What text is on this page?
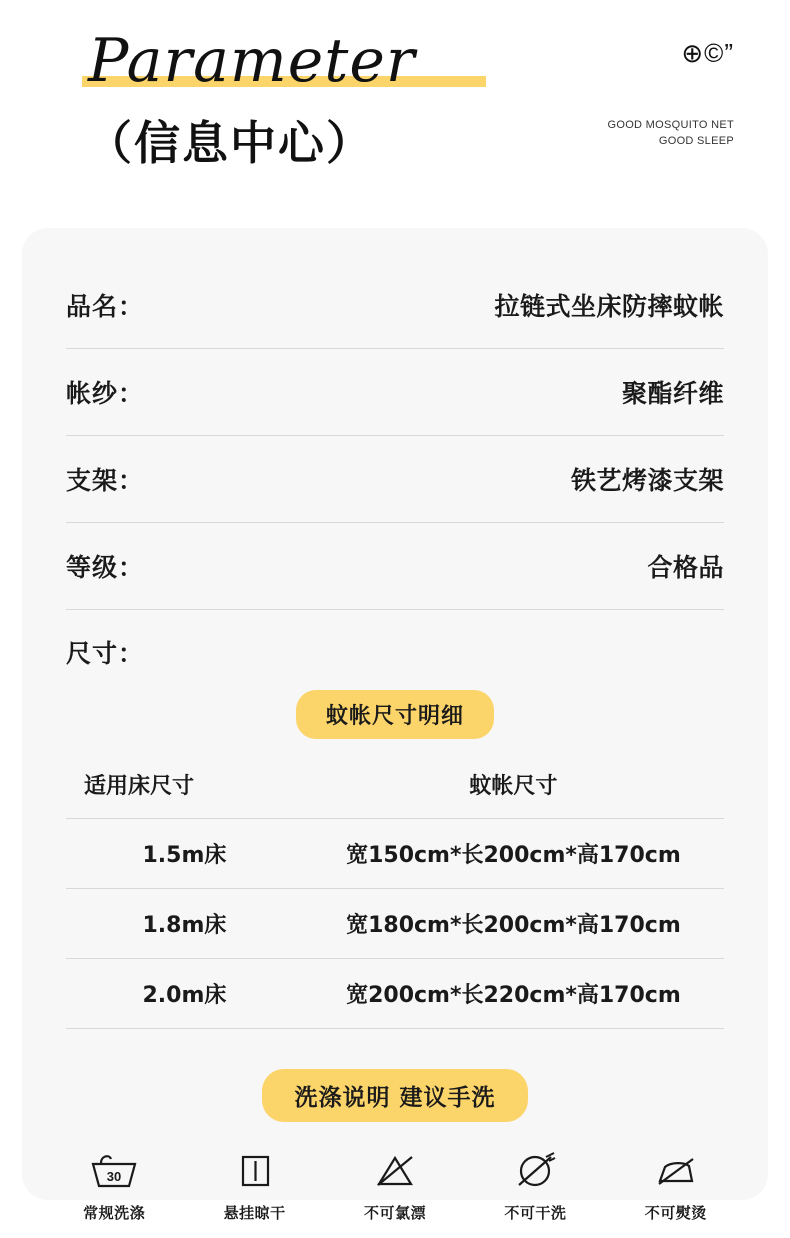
Parameter
（信息中心）
⊕©”
GOOD MOSQUITO NET
GOOD SLEEP
品名：	拉链式坐床防摔蚊帐
帐纱：	聚酯纤维
支架：	铁艺烤漆支架
等级：	合格品
尺寸：
蚊帐尺寸明细
适用床尺寸	蚊帐尺寸
1.5m床	宽150cm*长200cm*高170cm
1.8m床	宽180cm*长200cm*高170cm
2.0m床	宽200cm*长220cm*高170cm
洗涤说明 建议手洗
30
常规洗涤	悬挂晾干	不可氯漂	不可干洗	不可熨烫
